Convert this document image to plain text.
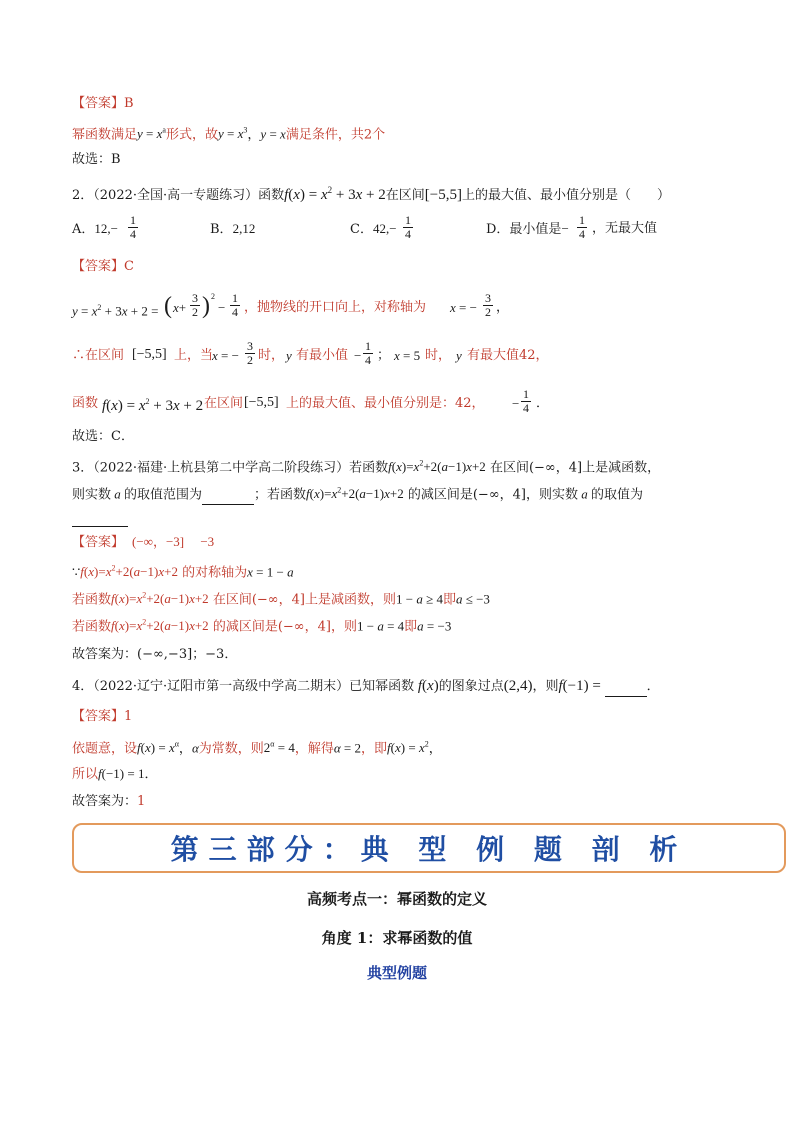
【答案】B
幂函数满足$y = x^a$形式，故$y = x^3$，y = x满足条件，共2个
故选：B
2．（2022·全国·高一专题练习）函数$f(x) = x^2 + 3x + 2$在区间[−5,5]上的最大值、最小值分别是（　　）
A．$12,- \frac{1}{4}$	B．2,12	C．$42,- \frac{1}{4}$	D．最小值是− $\frac{1}{4}$ ，无最大值
【答案】C
$y = x^2 + 3x + 2$ = ( $x+ \frac{3}{2}$ ) 2
− $\frac{1}{4}$ ，抛物线的开口向上，对称轴为 x = − $\frac{3}{2}$ ，
∴在区间 [−5,5] 上，当
x = − $\frac{3}{2}$ 时， y 有最小值 − $\frac{1}{4}$ ； x = 5 时， y 有最大值42，
函数 $f(x) = x^2 + 3x + 2$ 在区间 [−5,5] 上的最大值、最小值分别是：42， − $\frac{1}{4}$ ．
故选：C．
3．（2022·福建·上杭县第二中学高二阶段练习）若函数$f(x)=x^2+2(a-1)x+2$ 在区间(−∞，4]上是减函数，
则实数 a 的取值范围为	；若函数$f(x)=x^2+2(a-1)x+2$ 的减区间是(−∞，4]，则实数 a 的取值为

【答案】 (−∞，−3]　 −3
$\because f(x)=x^2+2(a-1)x+2$ 的对称轴为x = 1 − a
若函数$f(x)=x^2+2(a-1)x+2$ 在区间(−∞，4]上是减函数，则1 − a ≥ 4即a ≤ −3
若函数$f(x)=x^2+2(a-1)x+2$ 的减区间是(−∞，4]，则1 − a = 4即a = −3
故答案为：(−∞,−3]；−3．
4．（2022·辽宁·辽阳市第一高级中学高二期末）已知幂函数 f(x)的图象过点(2,4)，则f(−1) =	．
【答案】1
依题意，设$f(x) = x^\alpha$，α为常数，则$2^\alpha = 4$，解得α = 2，即$f(x) = x^2$，
所以f(−1) = 1．
故答案为：1
第三部分：典 型 例 题 剖 析
高频考点一：幂函数的定义
角度 1：求幂函数的值
典型例题
